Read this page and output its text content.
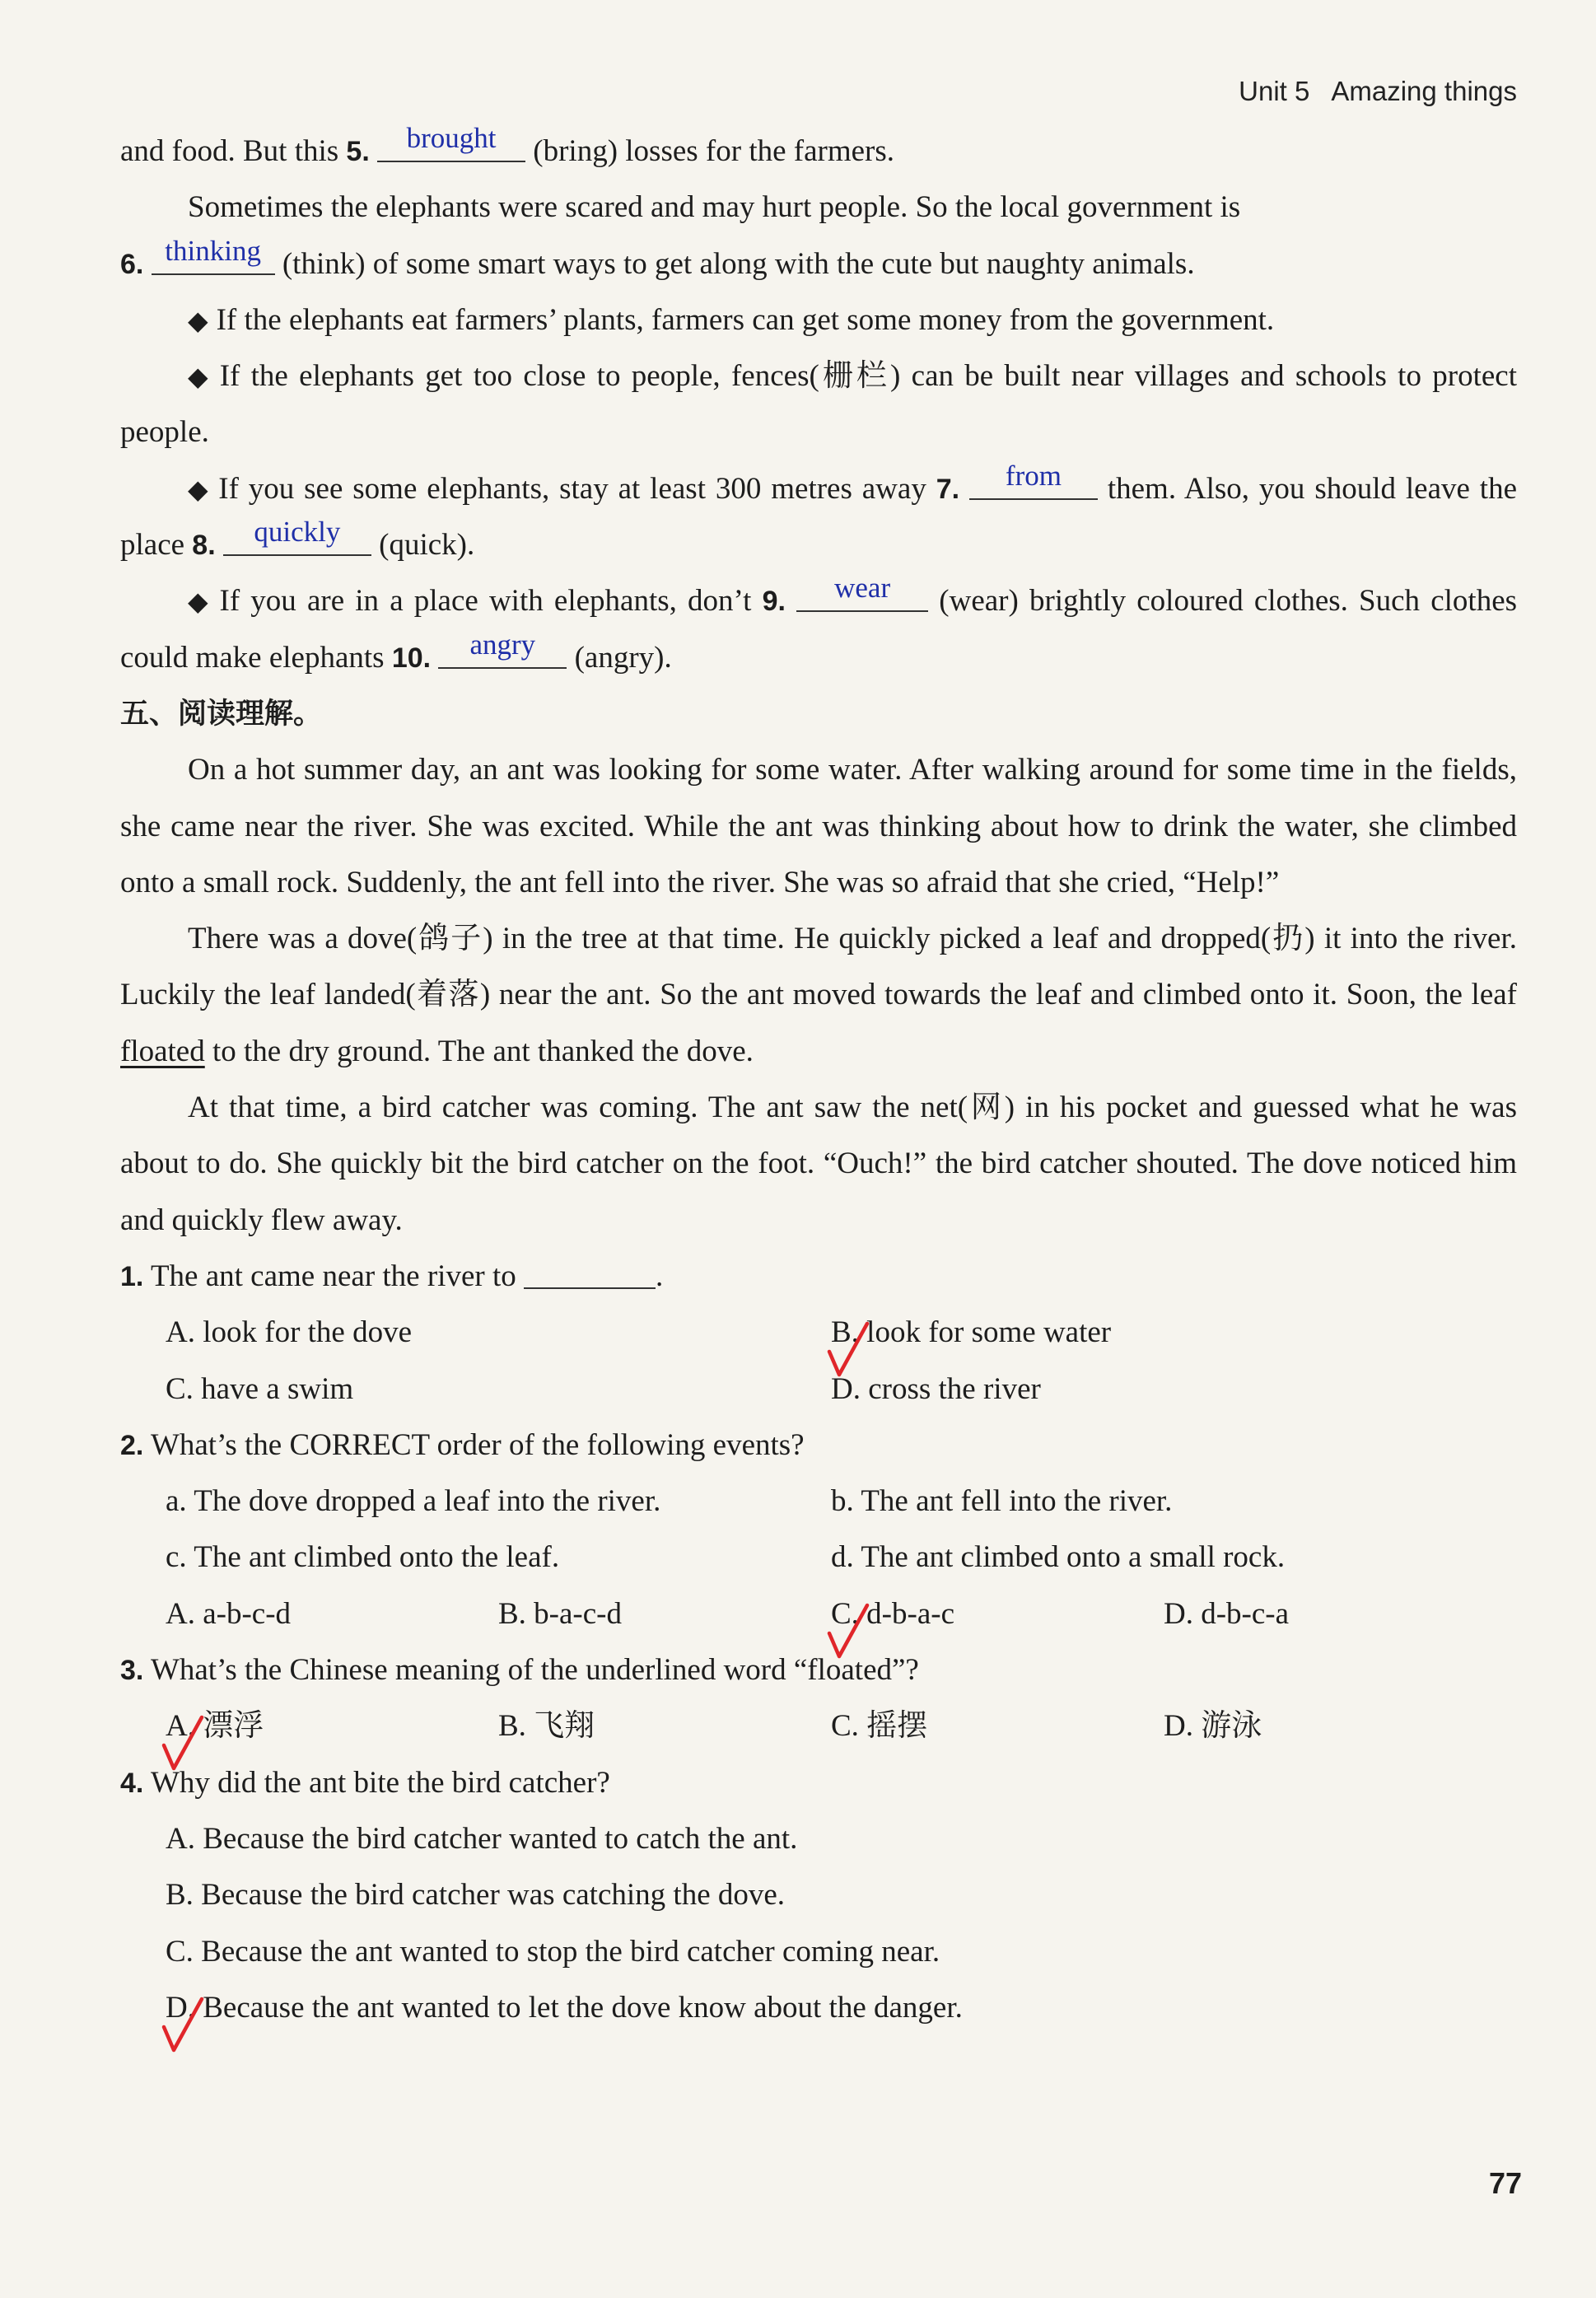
Unit 5 Amazing things

and food. But this 5.	brought (bring) losses for the farmers.

Sometimes the elephants were scared and may hurt people. So the local government is

6. thinking (think) of some smart ways to get along with the cute but naughty animals.

◆ If the elephants eat farmers’ plants, farmers can get some money from the government.

◆ If the elephants get too close to people, fences(栅栏) can be built near villages and schools to protect people.

◆ If you see some elephants, stay at least 300 metres away 7.	from	them. Also, you should leave the place 8.	quickly	(quick).

◆ If you are in a place with elephants, don’t 9.	wear	(wear) brightly coloured clothes. Such clothes could make elephants 10.	angry	(angry).

五、阅读理解。

On a hot summer day, an ant was looking for some water. After walking around for some time in the fields, she came near the river. She was excited. While the ant was thinking about how to drink the water, she climbed onto a small rock. Suddenly, the ant fell into the river. She was so afraid that she cried, “Help!”

There was a dove(鸽子) in the tree at that time. He quickly picked a leaf and dropped(扔) it into the river. Luckily the leaf landed(着落) near the ant. So the ant moved towards the leaf and climbed onto it. Soon, the leaf floated to the dry ground. The ant thanked the dove.

At that time, a bird catcher was coming. The ant saw the net(网) in his pocket and guessed what he was about to do. She quickly bit the bird catcher on the foot. “Ouch!” the bird catcher shouted. The dove noticed him and quickly flew away.

1. The ant came near the river to	.

A. look for the dove	B. look for some water
C. have a swim	D. cross the river

2. What’s the CORRECT order of the following events?

a. The dove dropped a leaf into the river.	b. The ant fell into the river.
c. The ant climbed onto the leaf.	d. The ant climbed onto a small rock.
A. a-b-c-d	B. b-a-c-d	C. d-b-a-c	D. d-b-c-a

3. What’s the Chinese meaning of the underlined word “floated”?

A. 漂浮	B. 飞翔	C. 摇摆	D. 游泳

4. Why did the ant bite the bird catcher?

A. Because the bird catcher wanted to catch the ant.

B. Because the bird catcher was catching the dove.

C. Because the ant wanted to stop the bird catcher coming near.

D. Because the ant wanted to let the dove know about the danger.

77
